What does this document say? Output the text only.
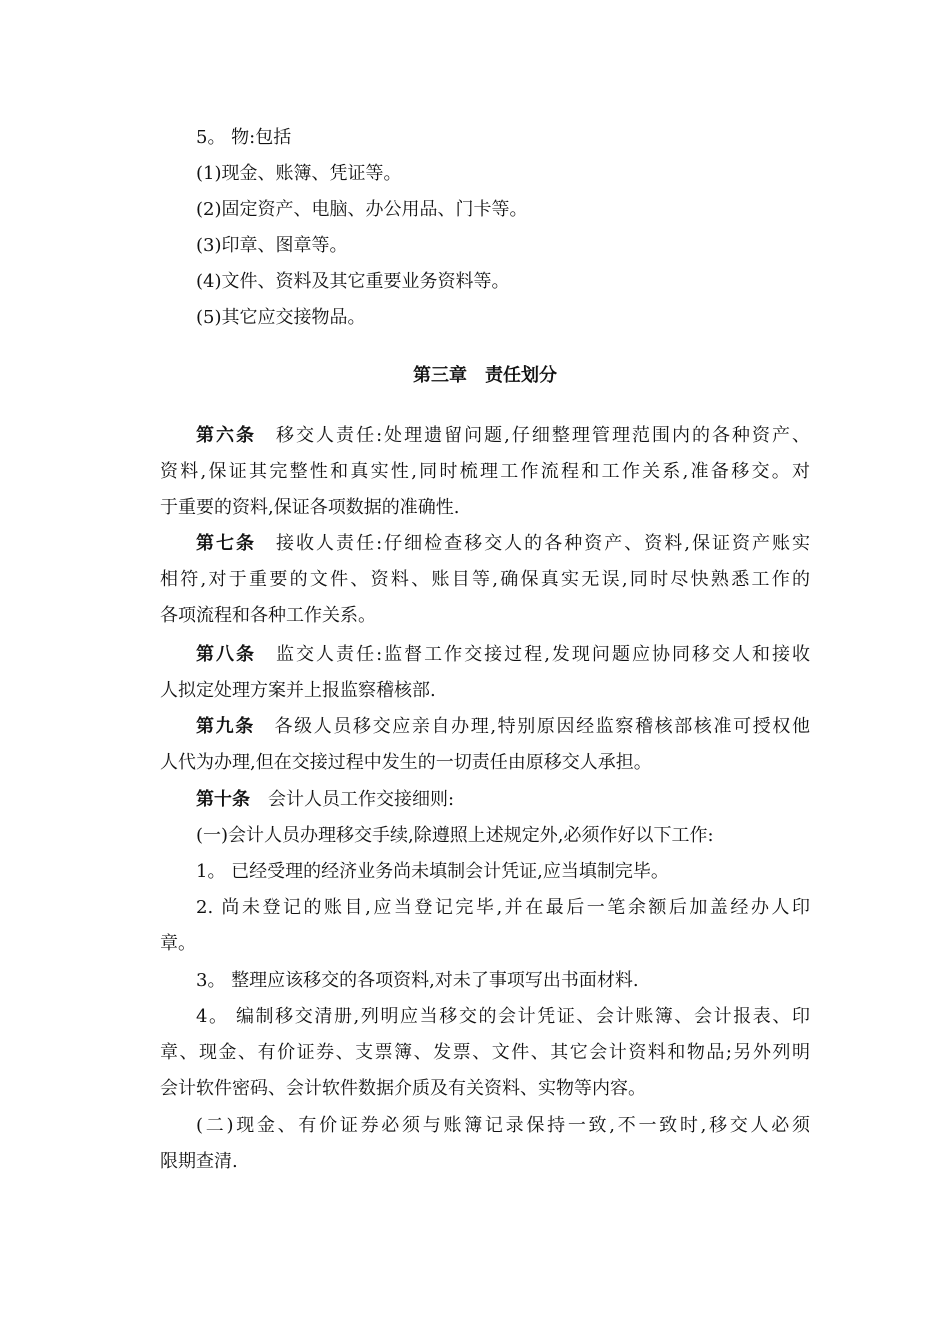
5。 物:包括
(1)现金、账簿、凭证等。
(2)固定资产、电脑、办公用品、门卡等。
(3)印章、图章等。
(4)文件、资料及其它重要业务资料等。
(5)其它应交接物品。
第三章 责任划分
第六条 移交人责任:处理遗留问题,仔细整理管理范围内的各种资产、
资料,保证其完整性和真实性,同时梳理工作流程和工作关系,准备移交。对
于重要的资料,保证各项数据的准确性.
第七条 接收人责任:仔细检查移交人的各种资产、资料,保证资产账实
相符,对于重要的文件、资料、账目等,确保真实无误,同时尽快熟悉工作的
各项流程和各种工作关系。
第八条 监交人责任:监督工作交接过程,发现问题应协同移交人和接收
人拟定处理方案并上报监察稽核部.
第九条 各级人员移交应亲自办理,特别原因经监察稽核部核准可授权他
人代为办理,但在交接过程中发生的一切责任由原移交人承担。
第十条 会计人员工作交接细则:
(一)会计人员办理移交手续,除遵照上述规定外,必须作好以下工作:
1。 已经受理的经济业务尚未填制会计凭证,应当填制完毕。
2. 尚未登记的账目,应当登记完毕,并在最后一笔余额后加盖经办人印
章。
3。 整理应该移交的各项资料,对未了事项写出书面材料.
4。 编制移交清册,列明应当移交的会计凭证、会计账簿、会计报表、印
章、现金、有价证券、支票簿、发票、文件、其它会计资料和物品;另外列明
会计软件密码、会计软件数据介质及有关资料、实物等内容。
(二)现金、有价证券必须与账簿记录保持一致,不一致时,移交人必须
限期查清.
